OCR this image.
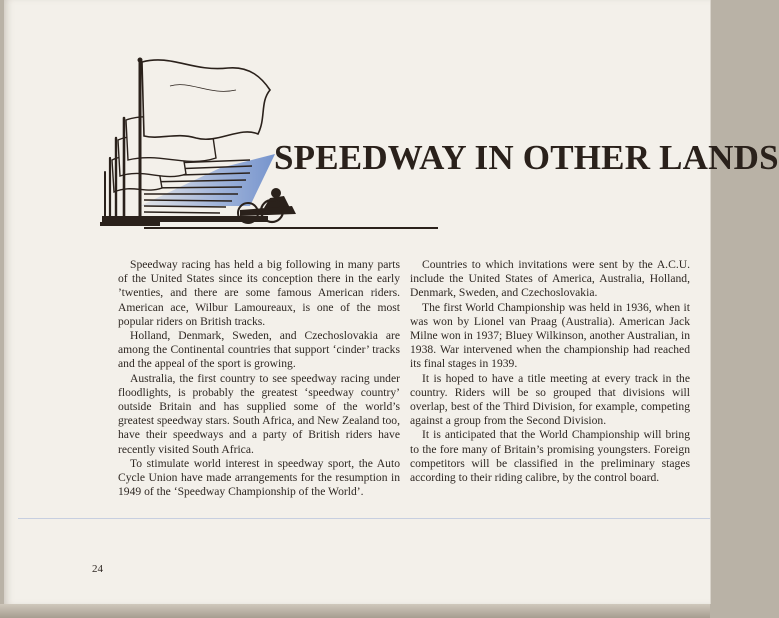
SPEEDWAY IN OTHER LANDS

Speedway racing has held a big following in many parts of the United States since its conception there in the early ’twenties, and there are some famous American riders. American ace, Wilbur Lamoureaux, is one of the most popular riders on British tracks.

Holland, Denmark, Sweden, and Czechoslovakia are among the Continental countries that support ‘cinder’ tracks and the appeal of the sport is growing.

Australia, the first country to see speedway racing under floodlights, is probably the greatest ‘speedway country’ outside Britain and has supplied some of the world’s greatest speedway stars. South Africa, and New Zealand too, have their speedways and a party of British riders have recently visited South Africa.

To stimulate world interest in speedway sport, the Auto Cycle Union have made arrangements for the resumption in 1949 of the ‘Speedway Championship of the World’.

Countries to which invitations were sent by the A.C.U. include the United States of America, Australia, Holland, Denmark, Sweden, and Czechoslovakia.

The first World Championship was held in 1936, when it was won by Lionel van Praag (Australia). American Jack Milne won in 1937; Bluey Wilkinson, another Australian, in 1938. War intervened when the championship had reached its final stages in 1939.

It is hoped to have a title meeting at every track in the country. Riders will be so grouped that divisions will overlap, best of the Third Division, for example, competing against a group from the Second Division.

It is anticipated that the World Championship will bring to the fore many of Britain’s promising youngsters. Foreign competitors will be classified in the preliminary stages according to their riding calibre, by the control board.

24
